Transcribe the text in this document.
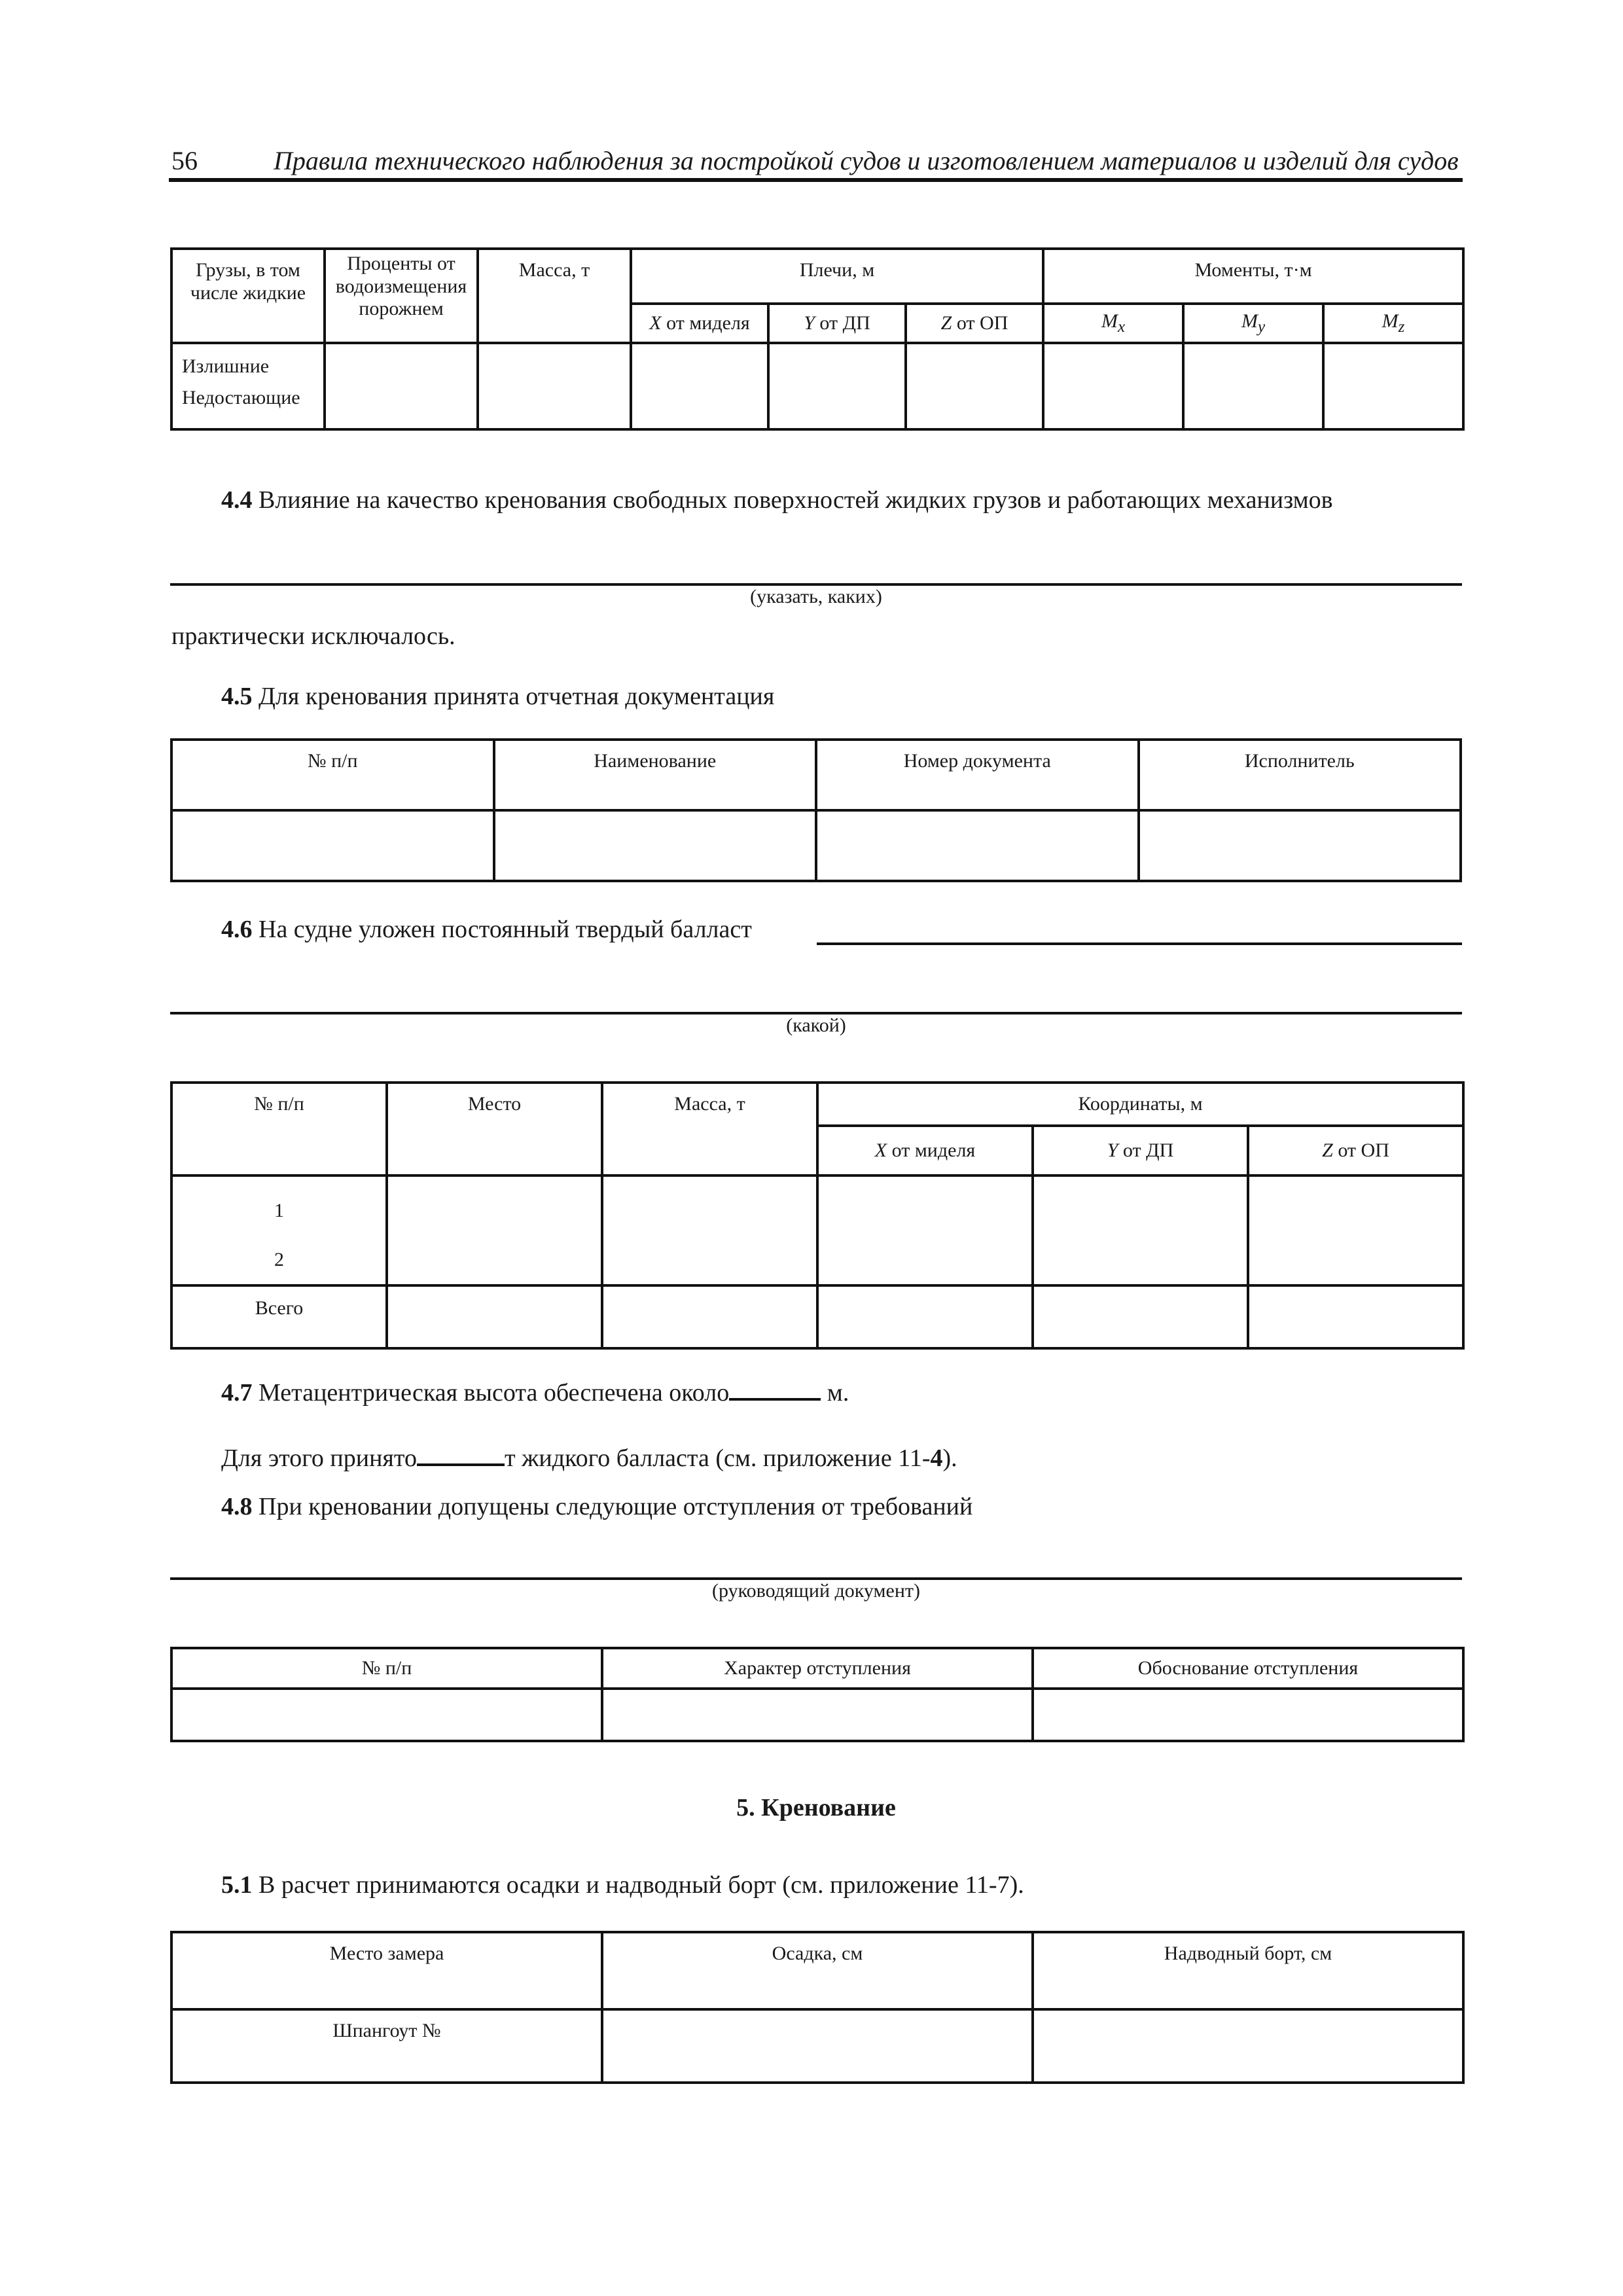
56	Правила технического наблюдения за постройкой судов и изготовлением материалов и изделий для судов
Грузы, в том числе жидкие	Проценты от водоизмещения порожнем	Масса, т	Плечи, м			Моменты, т·м		
			X от миделя	Y от ДП	Z от ОП	$M_x$	$M_y$	$M_z$

Излишние
Недостающие								

4.4 Влияние на качество кренования свободных поверхностей жидких грузов и работающих механизмов
(указать, каких)
практически исключалось.
4.5 Для кренования принята отчетная документация
№ п/п	Наименование	Номер документа	Исполнитель

4.6 На судне уложен постоянный твердый балласт
(какой)
№ п/п	Место	Масса, т	Координаты, м		
			X от миделя	Y от ДП	Z от ОП

1
2					

Всего					
4.7 Метацентрическая высота обеспечена около	м.
Для этого принято	т жидкого балласта (см. приложение 11-4).
4.8 При креновании допущены следующие отступления от требований
(руководящий документ)
№ п/п	Характер отступления	Обоснование отступления

5. Кренование
5.1 В расчет принимаются осадки и надводный борт (см. приложение 11-7).
Место замера	Осадка, см	Надводный борт, см
Шпангоут №		
